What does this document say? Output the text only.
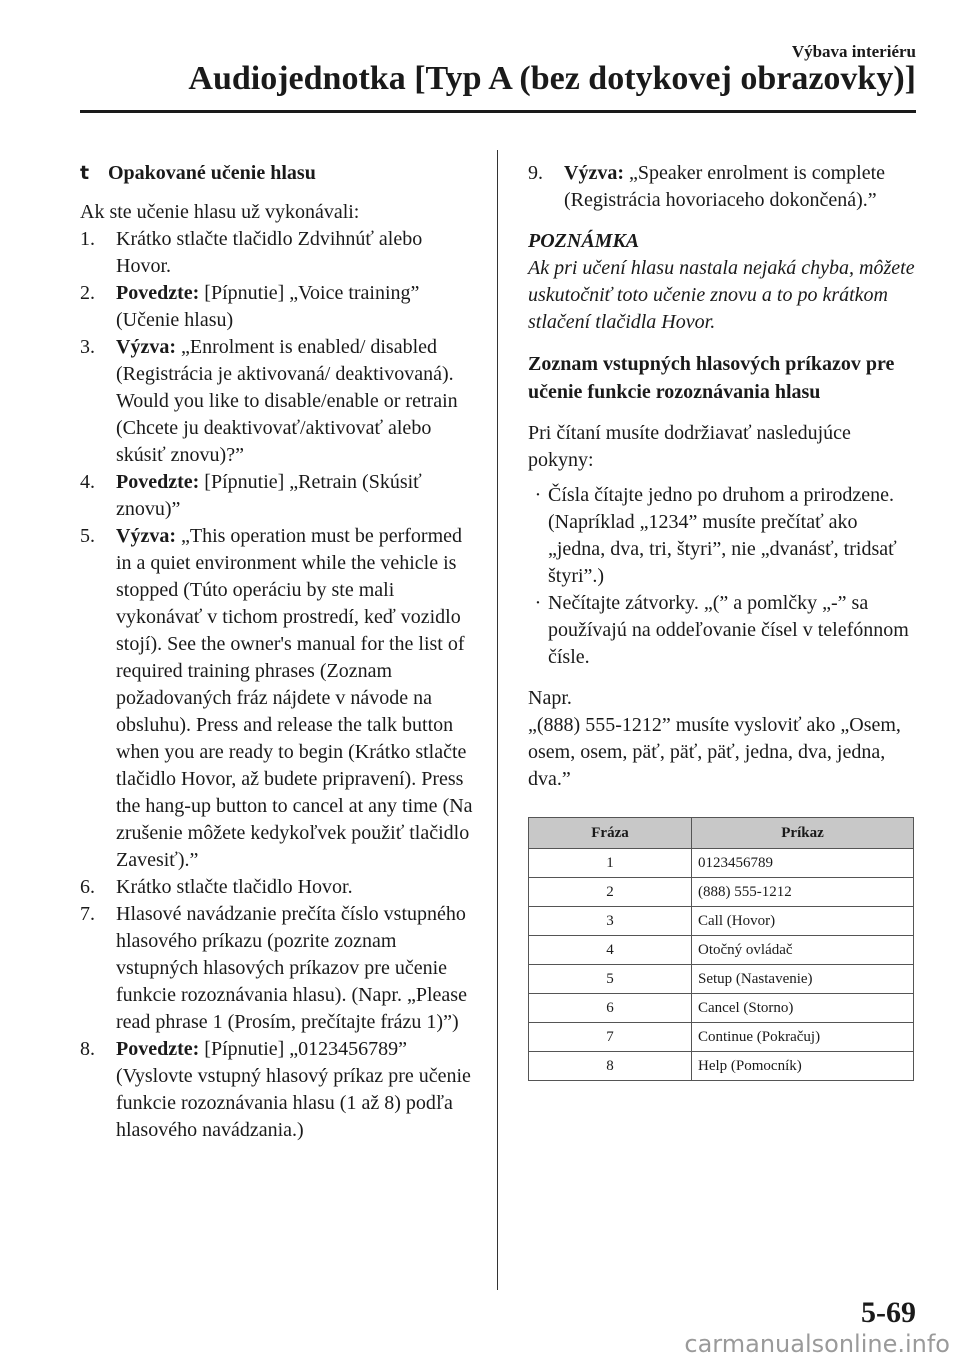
Výbava interiéru
Audiojednotka [Typ A (bez dotykovej obrazovky)]
t Opakované učenie hlasu

Ak ste učenie hlasu už vykonávali:

1.	Krátko stlačte tlačidlo Zdvihnúť alebo Hovor.
2.	Povedzte: [Pípnutie] „Voice training” (Učenie hlasu)
3.	Výzva: „Enrolment is enabled/ disabled (Registrácia je aktivovaná/ deaktivovaná). Would you like to disable/enable or retrain (Chcete ju deaktivovať/aktivovať alebo skúsiť znovu)?”
4.	Povedzte: [Pípnutie] „Retrain (Skúsiť znovu)”
5.	Výzva: „This operation must be performed in a quiet environment while the vehicle is stopped (Túto operáciu by ste mali vykonávať v tichom prostredí, keď vozidlo stojí). See the owner's manual for the list of required training phrases (Zoznam požadovaných fráz nájdete v návode na obsluhu). Press and release the talk button when you are ready to begin (Krátko stlačte tlačidlo Hovor, až budete pripravení). Press the hang-up button to cancel at any time (Na zrušenie môžete kedykoľvek použiť tlačidlo Zavesiť).”
6.	Krátko stlačte tlačidlo Hovor.
7.	Hlasové navádzanie prečíta číslo vstupného hlasového príkazu (pozrite zoznam vstupných hlasových príkazov pre učenie funkcie rozoznávania hlasu). (Napr. „Please read phrase 1 (Prosím, prečítajte frázu 1)”)
8.	Povedzte: [Pípnutie] „0123456789” (Vyslovte vstupný hlasový príkaz pre učenie funkcie rozoznávania hlasu (1 až 8) podľa hlasového navádzania.)
9.	Výzva: „Speaker enrolment is complete (Registrácia hovoriaceho dokončená).”
POZNÁMKA

Ak pri učení hlasu nastala nejaká chyba, môžete uskutočniť toto učenie znovu a to po krátkom stlačení tlačidla Hovor.

Zoznam vstupných hlasových príkazov pre učenie funkcie rozoznávania hlasu

Pri čítaní musíte dodržiavať nasledujúce pokyny:

· Čísla čítajte jedno po druhom a prirodzene. (Napríklad „1234” musíte prečítať ako „jedna, dva, tri, štyri”, nie „dvanásť, tridsať štyri”.)
· Nečítajte zátvorky. „(” a pomlčky „-” sa používajú na oddeľovanie čísel v telefónnom čísle.

Napr.

„(888) 555-1212” musíte vysloviť ako „Osem, osem, osem, päť, päť, päť, jedna, dva, jedna, dva.”

Fráza	Príkaz
1	0123456789
2	(888) 555-1212
3	Call (Hovor)
4	Otočný ovládač
5	Setup (Nastavenie)
6	Cancel (Storno)
7	Continue (Pokračuj)
8	Help (Pomocník)
5-69
carmanualsonline.info
